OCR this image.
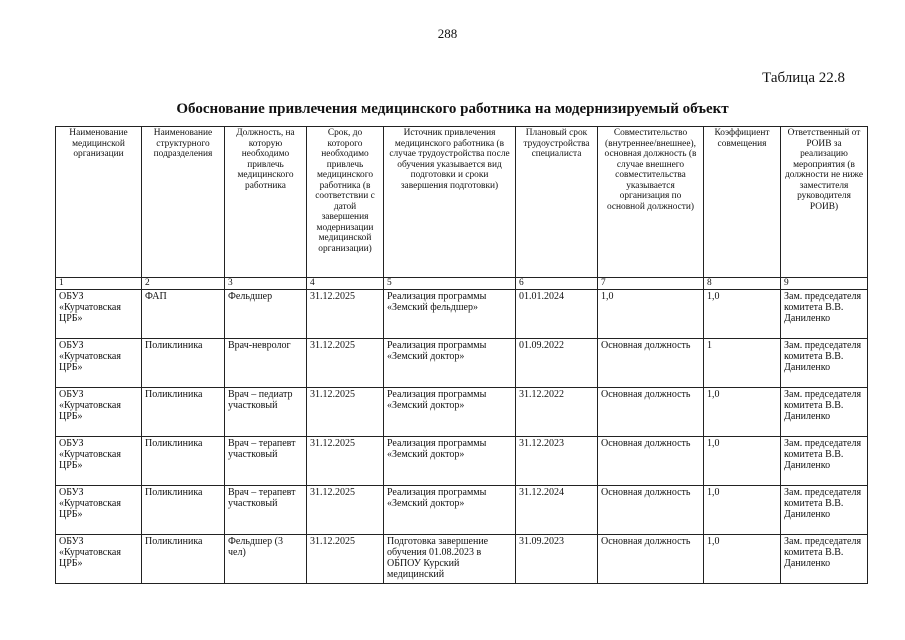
288
Таблица 22.8
Обоснование привлечения медицинского работника на модернизируемый объект
Наименование медицинской организации	Наименование структурного подразделения	Должность, на которую необходимо привлечь медицинского работника	Срок, до которого необходимо привлечь медицинского работника (в соответствии с датой завершения модернизации медицинской организации)	Источник привлечения медицинского работника (в случае трудоустройства после обучения указывается вид подготовки и сроки завершения подготовки)	Плановый срок трудоустройства специалиста	Совместительство (внутреннее/внешнее), основная должность (в случае внешнего совместительства указывается организация по основной должности)	Коэффициент совмещения	Ответственный от РОИВ за реализацию мероприятия (в должности не ниже заместителя руководителя РОИВ)
1	2	3	4	5	6	7	8	9
ОБУЗ «Курчатовская ЦРБ»	ФАП	Фельдшер	31.12.2025	Реализация программы «Земский фельдшер»	01.01.2024	1,0	1,0	Зам. председателя комитета В.В. Даниленко
ОБУЗ «Курчатовская ЦРБ»	Поликлиника	Врач-невролог	31.12.2025	Реализация программы «Земский доктор»	01.09.2022	Основная должность	1	Зам. председателя комитета В.В. Даниленко
ОБУЗ «Курчатовская ЦРБ»	Поликлиника	Врач – педиатр участковый	31.12.2025	Реализация программы «Земский доктор»	31.12.2022	Основная должность	1,0	Зам. председателя комитета В.В. Даниленко
ОБУЗ «Курчатовская ЦРБ»	Поликлиника	Врач – терапевт участковый	31.12.2025	Реализация программы «Земский доктор»	31.12.2023	Основная должность	1,0	Зам. председателя комитета В.В. Даниленко
ОБУЗ «Курчатовская ЦРБ»	Поликлиника	Врач – терапевт участковый	31.12.2025	Реализация программы «Земский доктор»	31.12.2024	Основная должность	1,0	Зам. председателя комитета В.В. Даниленко
ОБУЗ «Курчатовская ЦРБ»	Поликлиника	Фельдшер (3 чел)	31.12.2025	Подготовка завершение обучения 01.08.2023 в ОБПОУ Курский медицинский	31.09.2023	Основная должность	1,0	Зам. председателя комитета В.В. Даниленко
